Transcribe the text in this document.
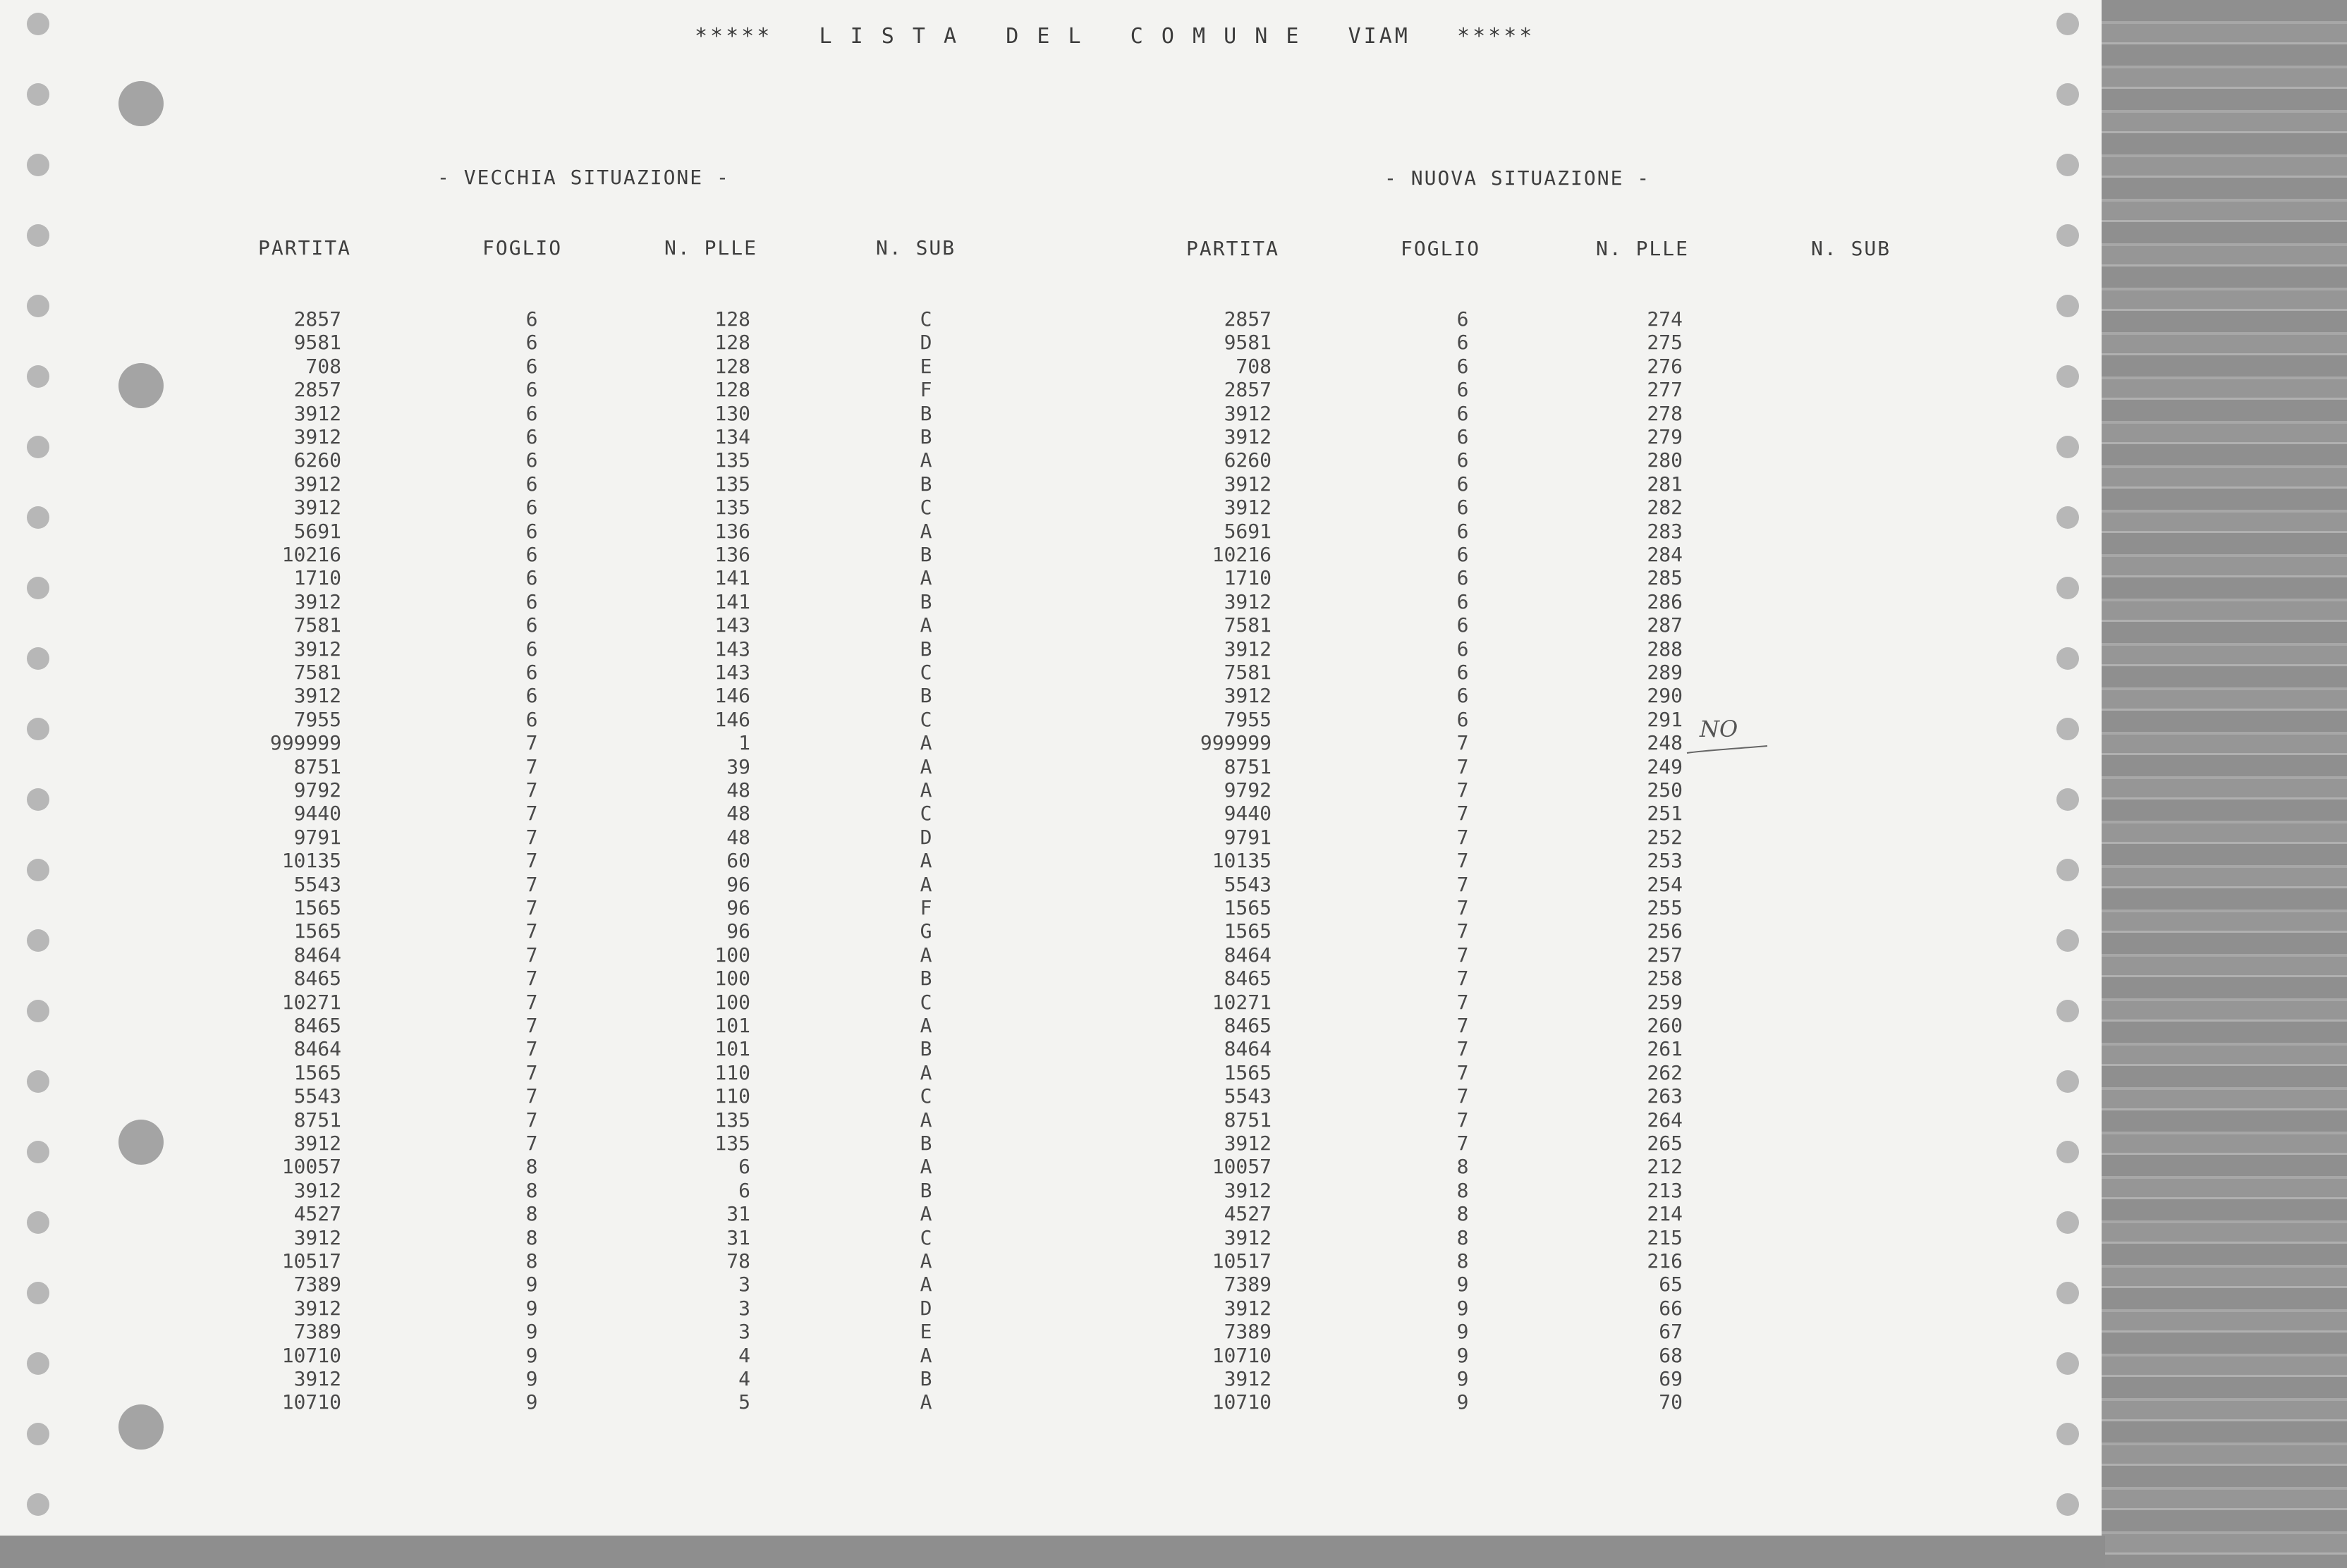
*****   L I S T A   D E L   C O M U N E   VIAM   *****
- VECCHIA SITUAZIONE -	- NUOVA SITUAZIONE -
PARTITA	FOGLIO	N. PLLE	N. SUB	PARTITA	FOGLIO	N. PLLE	N. SUB
2857	6	128	C	2857	6	274
9581	6	128	D	9581	6	275
708	6	128	E	708	6	276
2857	6	128	F	2857	6	277
3912	6	130	B	3912	6	278
3912	6	134	B	3912	6	279
6260	6	135	A	6260	6	280
3912	6	135	B	3912	6	281
3912	6	135	C	3912	6	282
5691	6	136	A	5691	6	283
10216	6	136	B	10216	6	284
1710	6	141	A	1710	6	285
3912	6	141	B	3912	6	286
7581	6	143	A	7581	6	287
3912	6	143	B	3912	6	288
7581	6	143	C	7581	6	289
3912	6	146	B	3912	6	290
7955	6	146	C	7955	6	291
999999	7	1	A	999999	7	248
8751	7	39	A	8751	7	249
9792	7	48	A	9792	7	250
9440	7	48	C	9440	7	251
9791	7	48	D	9791	7	252
10135	7	60	A	10135	7	253
5543	7	96	A	5543	7	254
1565	7	96	F	1565	7	255
1565	7	96	G	1565	7	256
8464	7	100	A	8464	7	257
8465	7	100	B	8465	7	258
10271	7	100	C	10271	7	259
8465	7	101	A	8465	7	260
8464	7	101	B	8464	7	261
1565	7	110	A	1565	7	262
5543	7	110	C	5543	7	263
8751	7	135	A	8751	7	264
3912	7	135	B	3912	7	265
10057	8	6	A	10057	8	212
3912	8	6	B	3912	8	213
4527	8	31	A	4527	8	214
3912	8	31	C	3912	8	215
10517	8	78	A	10517	8	216
7389	9	3	A	7389	9	65
3912	9	3	D	3912	9	66
7389	9	3	E	7389	9	67
10710	9	4	A	10710	9	68
3912	9	4	B	3912	9	69
10710	9	5	A	10710	9	70
NO
